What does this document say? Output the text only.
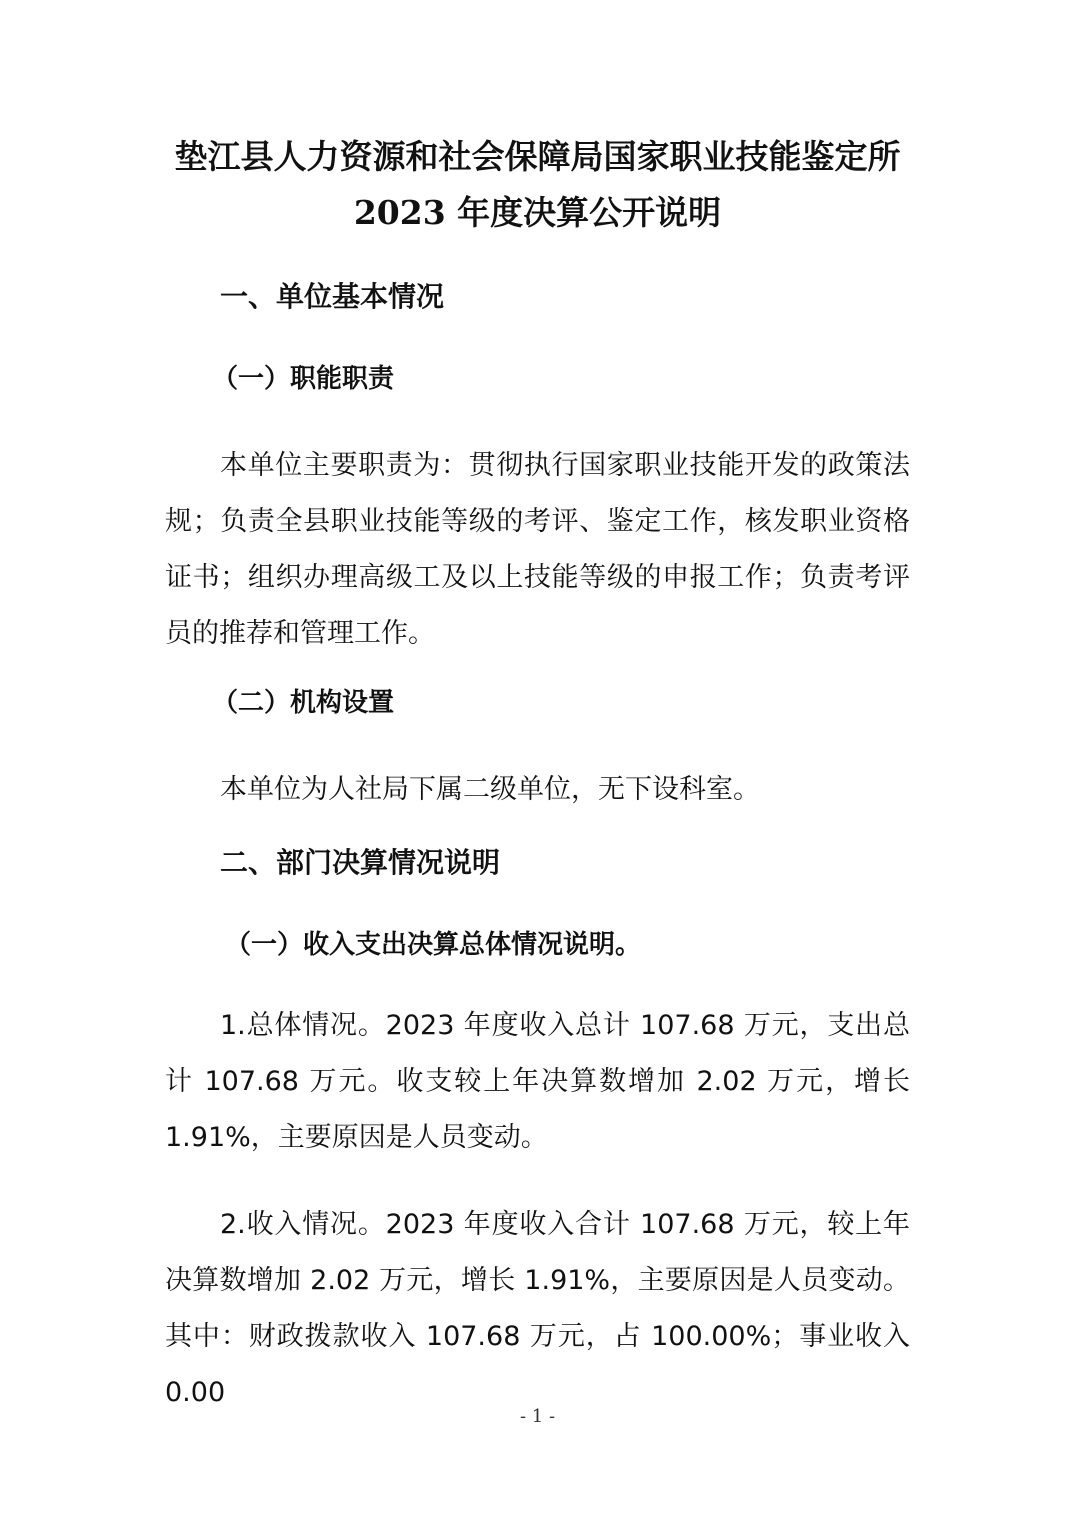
垫江县人力资源和社会保障局国家职业技能鉴定所
2023 年度决算公开说明
一、单位基本情况
（一）职能职责

本单位主要职责为：贯彻执行国家职业技能开发的政策法规；负责全县职业技能等级的考评、鉴定工作，核发职业资格证书；组织办理高级工及以上技能等级的申报工作；负责考评员的推荐和管理工作。

（二）机构设置

本单位为人社局下属二级单位，无下设科室。

二、部门决算情况说明
（一）收入支出决算总体情况说明。

1.总体情况。2023 年度收入总计 107.68 万元，支出总计 107.68 万元。收支较上年决算数增加 2.02 万元，增长 1.91%，主要原因是人员变动。

2.收入情况。2023 年度收入合计 107.68 万元，较上年决算数增加 2.02 万元，增长 1.91%，主要原因是人员变动。其中：财政拨款收入 107.68 万元，占 100.00%；事业收入 0.00

- 1 -
